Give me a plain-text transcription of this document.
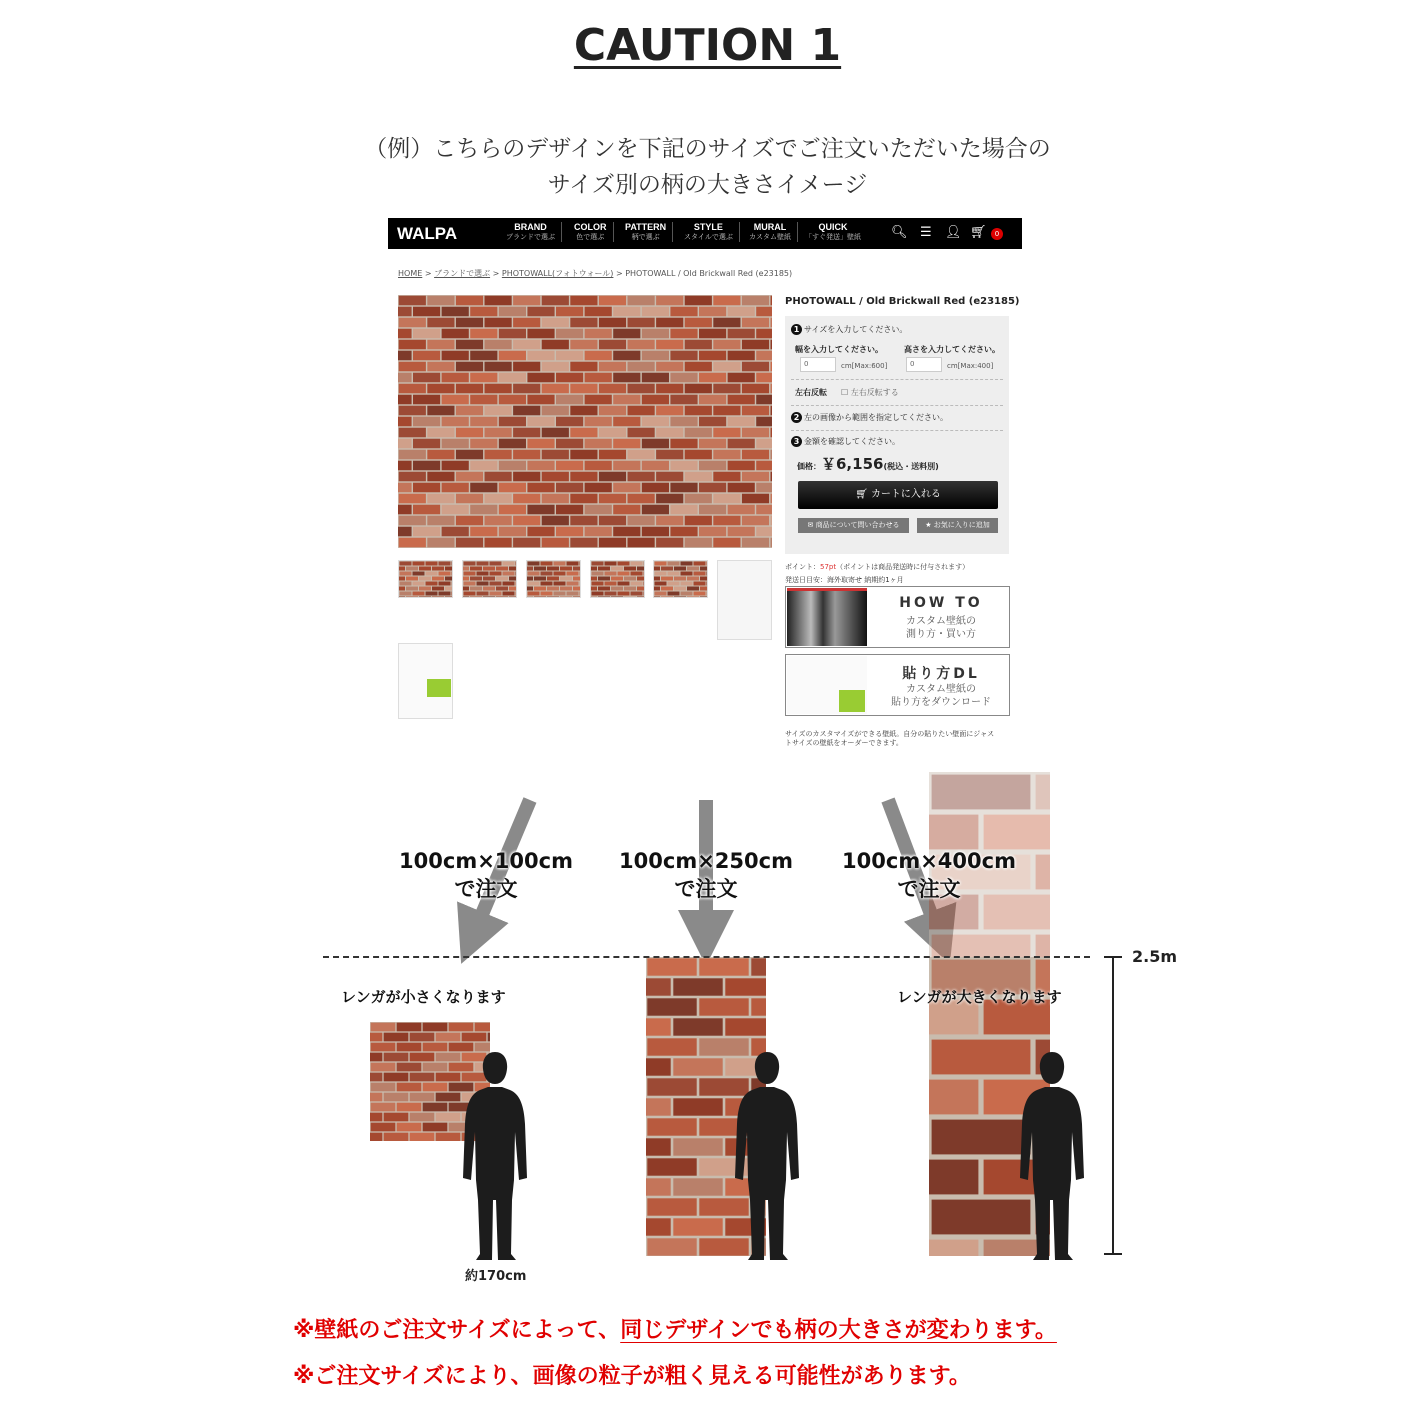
CAUTION 1
（例）こちらのデザインを下記のサイズでご注文いただいた場合の
サイズ別の柄の大きさイメージ
WALPA	BRAND
ブランドで選ぶ
COLOR
色で選ぶ
PATTERN
柄で選ぶ
STYLE
スタイルで選ぶ
MURAL
カスタム壁紙
QUICK
「すぐ発送」壁紙 🔍︎ ☰ 👤︎ 🛒︎	0
HOME > ブランドで選ぶ > PHOTOWALL(フォトウォール) > PHOTOWALL / Old Brickwall Red (e23185)
PHOTOWALL / Old Brickwall Red (e23185)
1 サイズを入力してください。
幅を入力してください。	高さを入力してください。
0	cm[Max:600]	0	cm[Max:400]
左右反転 ☐ 左右反転する
2 左の画像から範囲を指定してください。
3 金額を確認してください。
価格：￥6,156(税込・送料別)
🛒︎ カートに入れる
✉ 商品について問い合わせる	★ お気に入りに追加
ポイント：57pt（ポイントは商品発送時に付与されます）
発送日目安：海外取寄せ 納期約1ヶ月
HOW TO
カスタム壁紙の
測り方・買い方
貼り方DL
カスタム壁紙の
貼り方をダウンロード
サイズのカスタマイズができる壁紙。自分の貼りたい壁面にジャストサイズの壁紙をオーダーできます。
100cm×100cm
で注文
100cm×250cm
で注文
100cm×400cm
で注文
レンガが小さくなります	レンガが大きくなります
約170cm
2.5m
※壁紙のご注文サイズによって、同じデザインでも柄の大きさが変わります。
※ご注文サイズにより、画像の粒子が粗く見える可能性があります。
